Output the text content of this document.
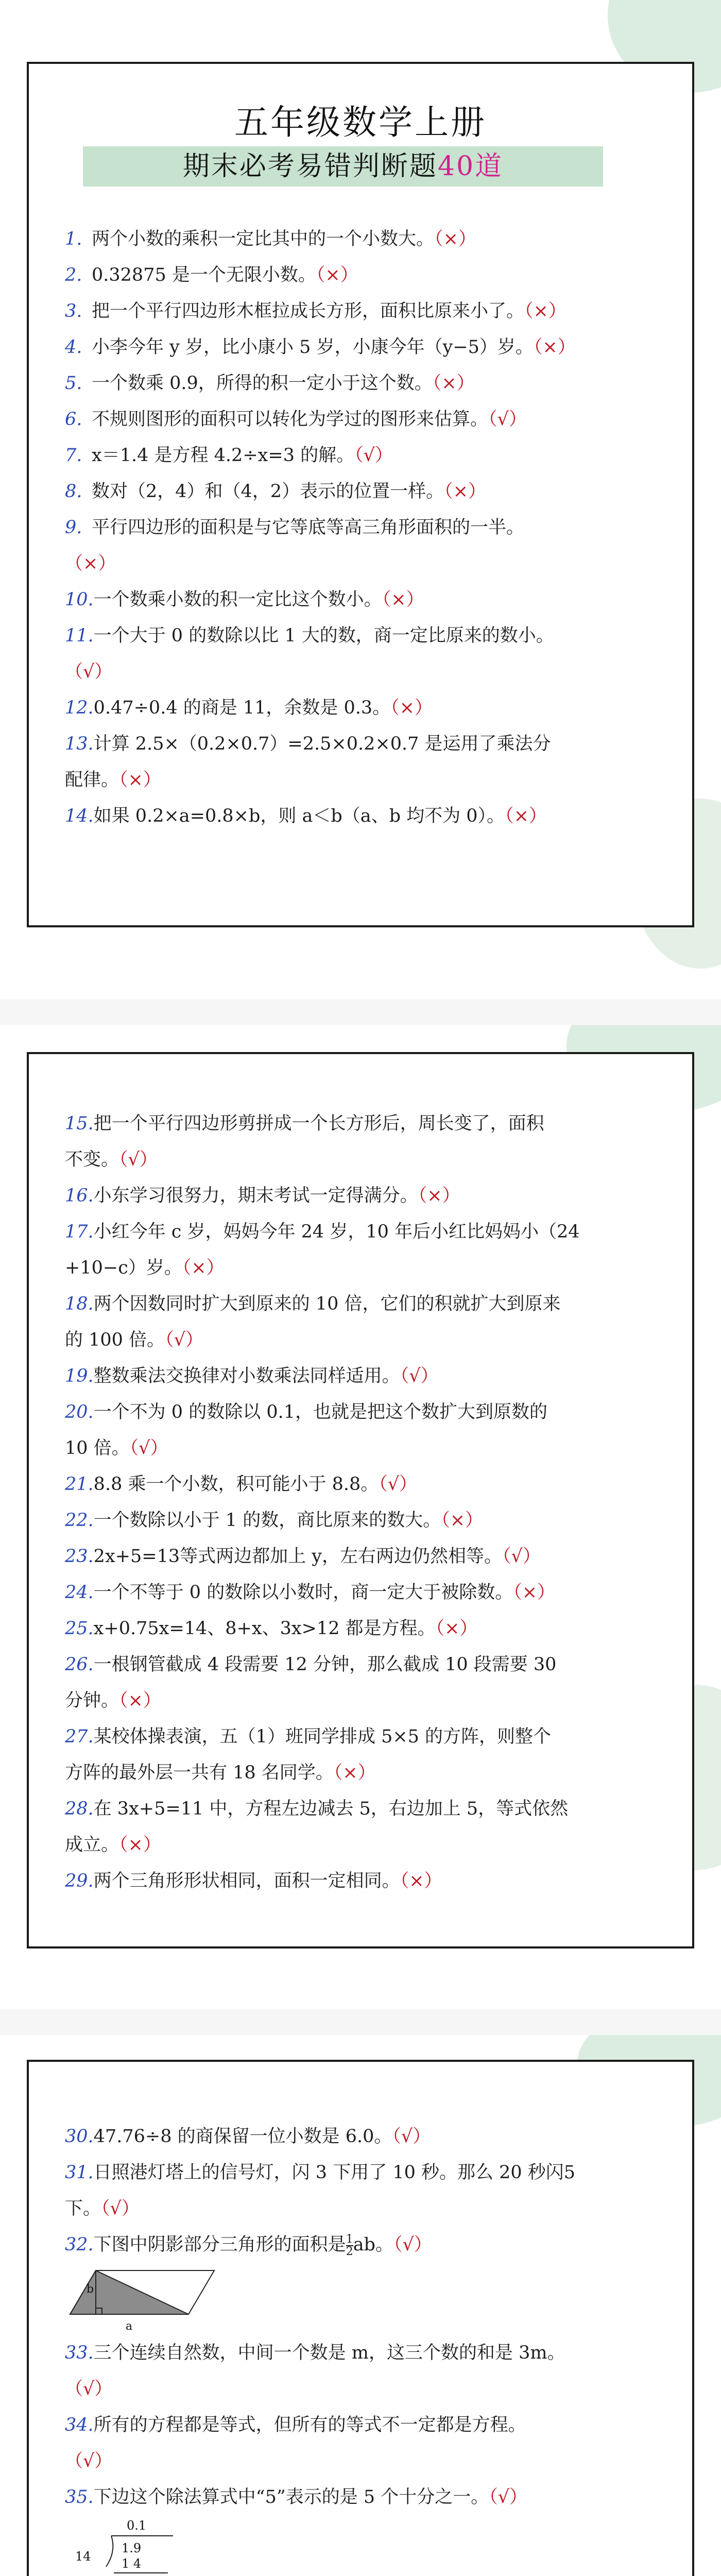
五年级数学上册
期末必考易错判断题40道
1. 两个小数的乘积一定比其中的一个小数大。（×）
2. 0.32875 是一个无限小数。（×）
3. 把一个平行四边形木框拉成长方形，面积比原来小了。（×）
4. 小李今年 y 岁，比小康小 5 岁，小康今年（y−5）岁。（×）
5. 一个数乘 0.9，所得的积一定小于这个数。（×）
6. 不规则图形的面积可以转化为学过的图形来估算。（√）
7. x＝1.4 是方程 4.2÷x=3 的解。（√）
8. 数对（2，4）和（4，2）表示的位置一样。（×）
9. 平行四边形的面积是与它等底等高三角形面积的一半。
（×）
10.一个数乘小数的积一定比这个数小。（×）
11.一个大于 0 的数除以比 1 大的数，商一定比原来的数小。
（√）
12.0.47÷0.4 的商是 11，余数是 0.3。（×）
13.计算 2.5×（0.2×0.7）=2.5×0.2×0.7 是运用了乘法分
配律。（×）
14.如果 0.2×a=0.8×b，则 a＜b（a、b 均不为 0）。（×）
15.把一个平行四边形剪拼成一个长方形后，周长变了，面积
不变。（√）
16.小东学习很努力，期末考试一定得满分。（×）
17.小红今年 c 岁，妈妈今年 24 岁，10 年后小红比妈妈小（24
+10−c）岁。（×）
18.两个因数同时扩大到原来的 10 倍，它们的积就扩大到原来
的 100 倍。（√）
19.整数乘法交换律对小数乘法同样适用。（√）
20.一个不为 0 的数除以 0.1，也就是把这个数扩大到原数的
10 倍。（√）
21.8.8 乘一个小数，积可能小于 8.8。（√）
22.一个数除以小于 1 的数，商比原来的数大。（×）
23.2x+5=13等式两边都加上 y，左右两边仍然相等。（√）
24.一个不等于 0 的数除以小数时，商一定大于被除数。（×）
25.x+0.75x=14、8+x、3x>12 都是方程。（×）
26.一根钢管截成 4 段需要 12 分钟，那么截成 10 段需要 30
分钟。（×）
27.某校体操表演，五（1）班同学排成 5×5 的方阵，则整个
方阵的最外层一共有 18 名同学。（×）
28.在 3x+5=11 中，方程左边减去 5，右边加上 5，等式依然
成立。（×）
29.两个三角形形状相同，面积一定相同。（×）
30.47.76÷8 的商保留一位小数是 6.0。（√）
31.日照港灯塔上的信号灯，闪 3 下用了 10 秒。那么 20 秒闪5
下。（√）
32.下图中阴影部分三角形的面积是 $\frac{1}{2}$ ab。（√）
b
a
33.三个连续自然数，中间一个数是 m，这三个数的和是 3m。
（√）
34.所有的方程都是等式，但所有的等式不一定都是方程。
（√）
35.下边这个除法算式中“5”表示的是 5 个十分之一。（√）
0.1
14
1.9
1 4
